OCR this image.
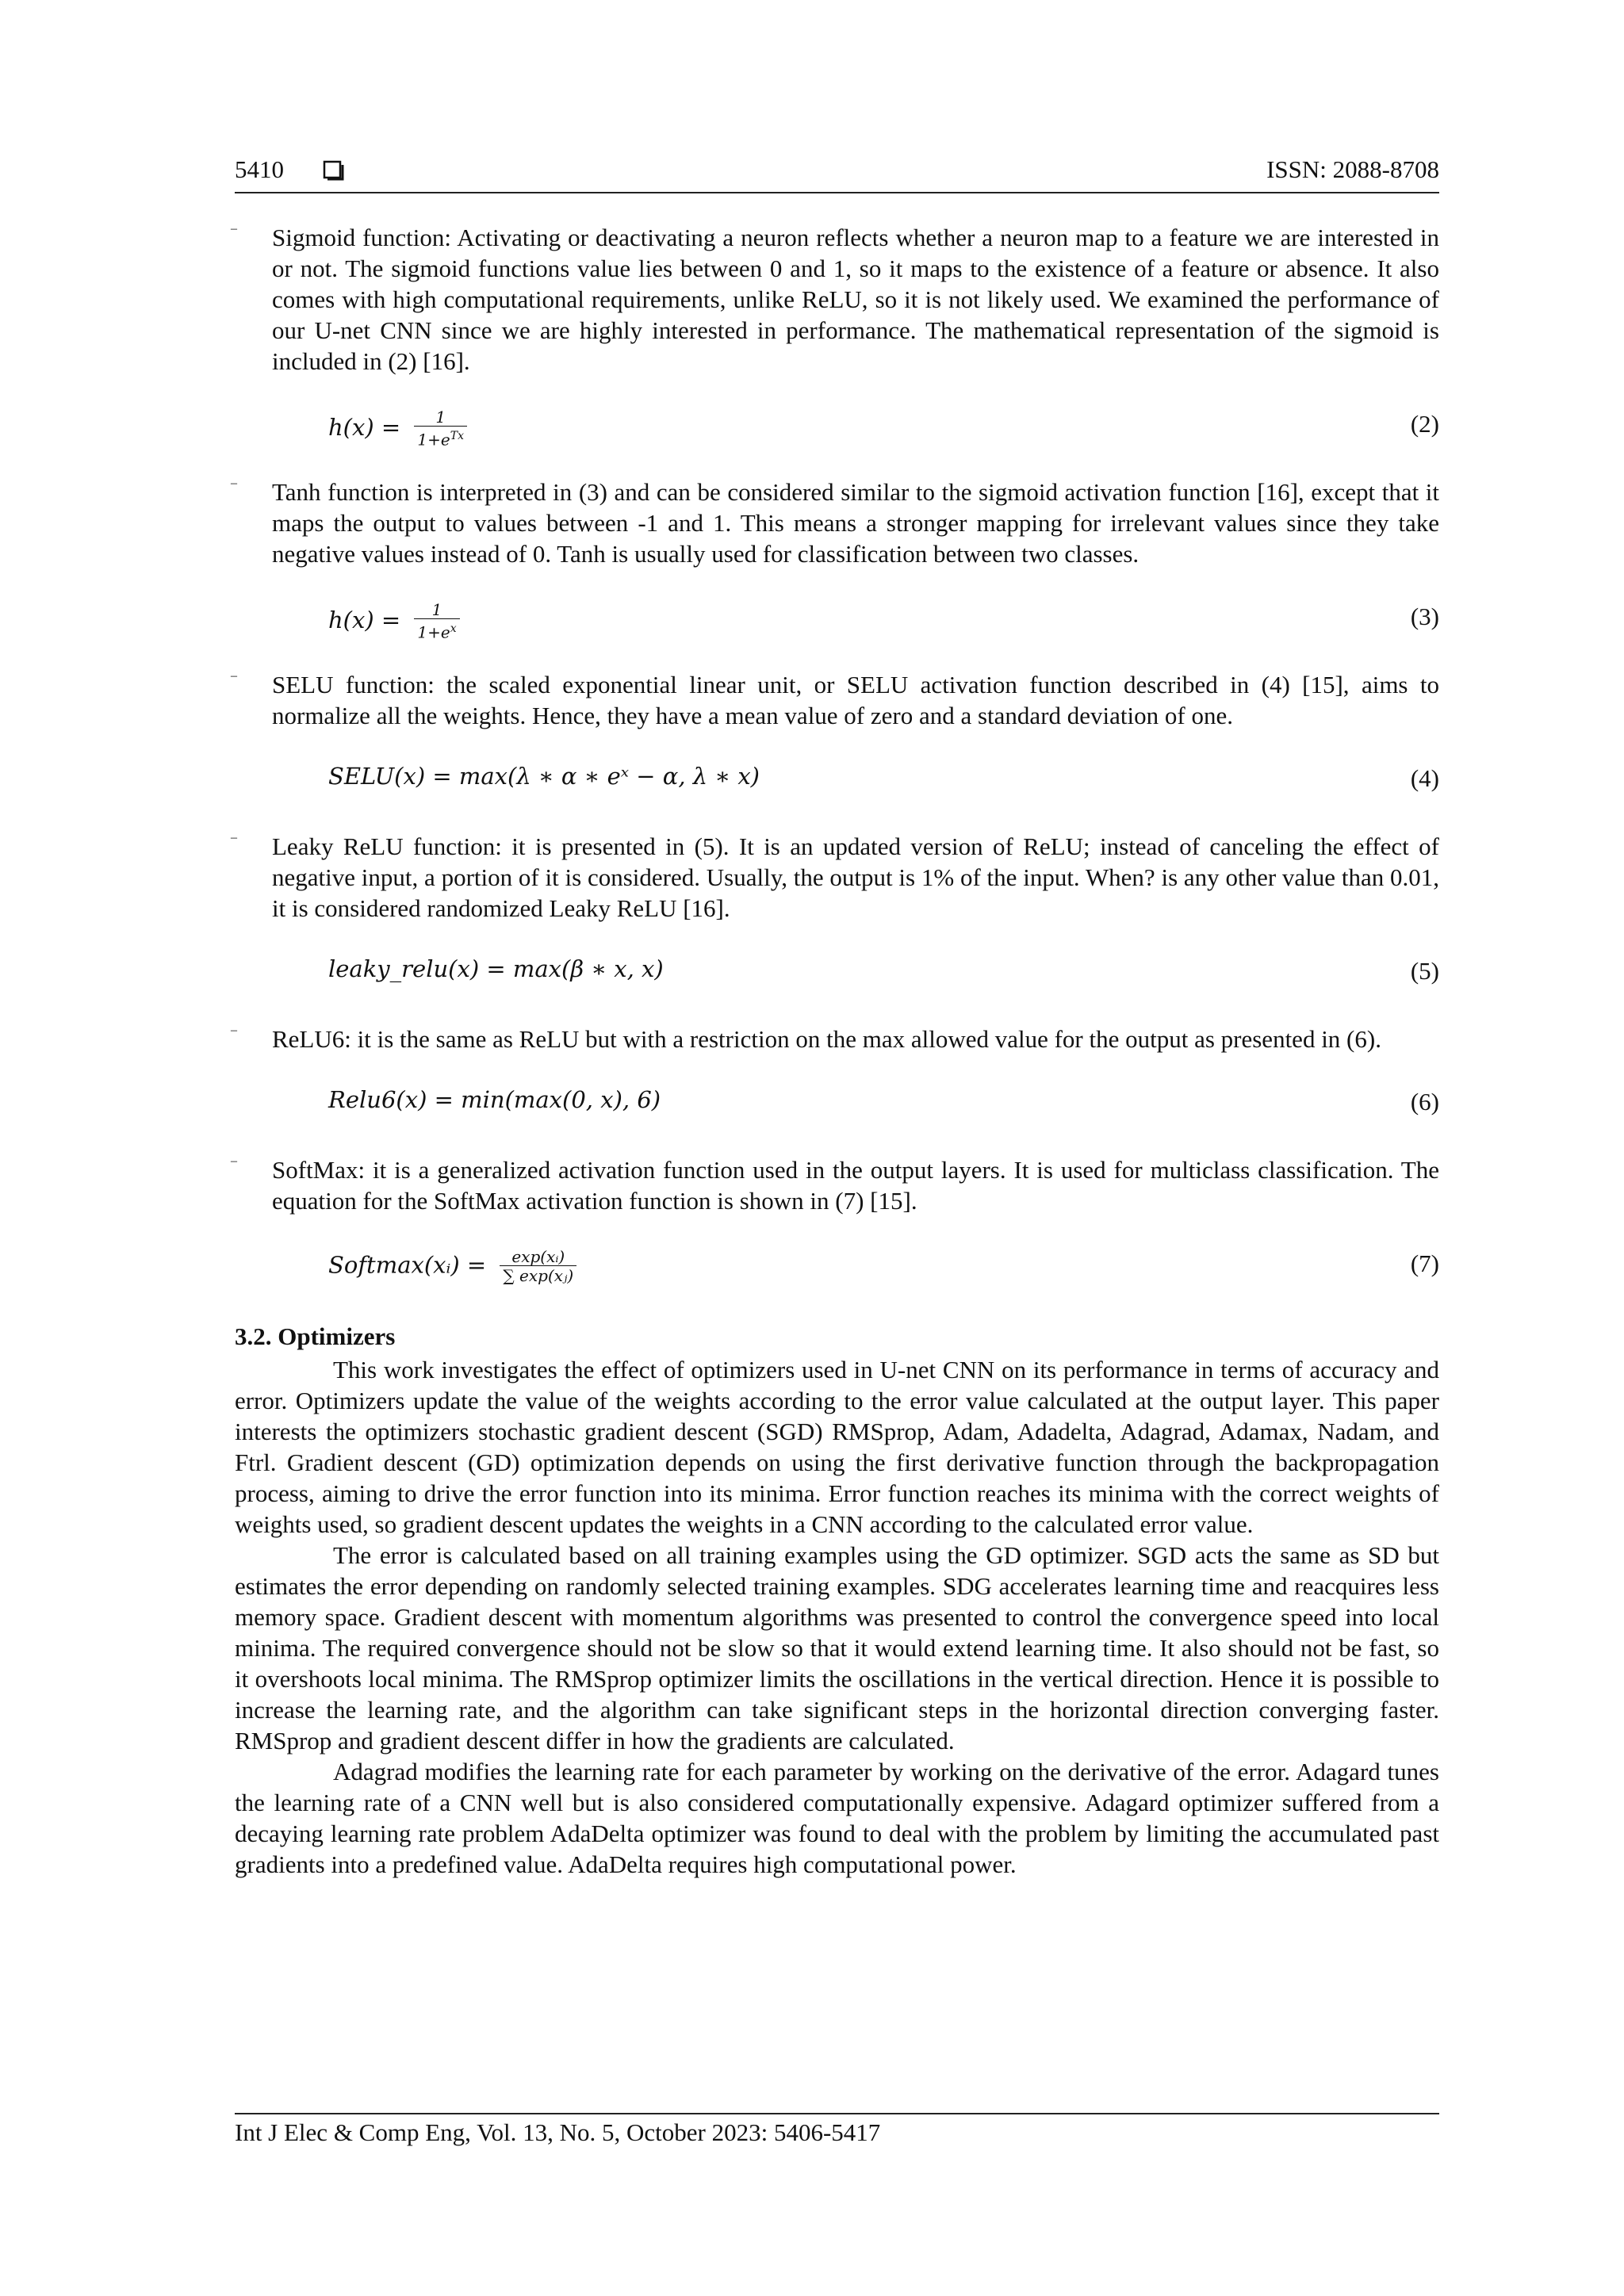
5410	ISSN: 2088-8708
– Sigmoid function: Activating or deactivating a neuron reflects whether a neuron map to a feature we are interested in or not. The sigmoid functions value lies between 0 and 1, so it maps to the existence of a feature or absence. It also comes with high computational requirements, unlike ReLU, so it is not likely used. We examined the performance of our U-net CNN since we are highly interested in performance. The mathematical representation of the sigmoid is included in (2) [16].

$h(x) = \frac{1}{1+e^{Tx}}$	(2)
– Tanh function is interpreted in (3) and can be considered similar to the sigmoid activation function [16], except that it maps the output to values between -1 and 1. This means a stronger mapping for irrelevant values since they take negative values instead of 0. Tanh is usually used for classification between two classes.

$h(x) = \frac{1}{1+e^x}$	(3)
– SELU function: the scaled exponential linear unit, or SELU activation function described in (4) [15], aims to normalize all the weights. Hence, they have a mean value of zero and a standard deviation of one.

SELU(x) = max(λ ∗ α ∗ eˣ − α, λ ∗ x)	(4)
– Leaky ReLU function: it is presented in (5). It is an updated version of ReLU; instead of canceling the effect of negative input, a portion of it is considered. Usually, the output is 1% of the input. When? is any other value than 0.01, it is considered randomized Leaky ReLU [16].

leaky_relu(x) = max(β ∗ x, x)	(5)
– ReLU6: it is the same as ReLU but with a restriction on the max allowed value for the output as presented in (6).

Relu6(x) = min(max(0, x), 6)	(6)
– SoftMax: it is a generalized activation function used in the output layers. It is used for multiclass classification. The equation for the SoftMax activation function is shown in (7) [15].

Softmax(xᵢ) = $\frac{\text{exp(xᵢ)}}{\text{∑ exp(xⱼ)}}$	(7)
3.2. Optimizers

This work investigates the effect of optimizers used in U-net CNN on its performance in terms of accuracy and error. Optimizers update the value of the weights according to the error value calculated at the output layer. This paper interests the optimizers stochastic gradient descent (SGD) RMSprop, Adam, Adadelta, Adagrad, Adamax, Nadam, and Ftrl. Gradient descent (GD) optimization depends on using the first derivative function through the backpropagation process, aiming to drive the error function into its minima. Error function reaches its minima with the correct weights of weights used, so gradient descent updates the weights in a CNN according to the calculated error value.

The error is calculated based on all training examples using the GD optimizer. SGD acts the same as SD but estimates the error depending on randomly selected training examples. SDG accelerates learning time and reacquires less memory space. Gradient descent with momentum algorithms was presented to control the convergence speed into local minima. The required convergence should not be slow so that it would extend learning time. It also should not be fast, so it overshoots local minima. The RMSprop optimizer limits the oscillations in the vertical direction. Hence it is possible to increase the learning rate, and the algorithm can take significant steps in the horizontal direction converging faster. RMSprop and gradient descent differ in how the gradients are calculated.

Adagrad modifies the learning rate for each parameter by working on the derivative of the error. Adagard tunes the learning rate of a CNN well but is also considered computationally expensive. Adagard optimizer suffered from a decaying learning rate problem AdaDelta optimizer was found to deal with the problem by limiting the accumulated past gradients into a predefined value. AdaDelta requires high computational power.

Int J Elec & Comp Eng, Vol. 13, No. 5, October 2023: 5406-5417
